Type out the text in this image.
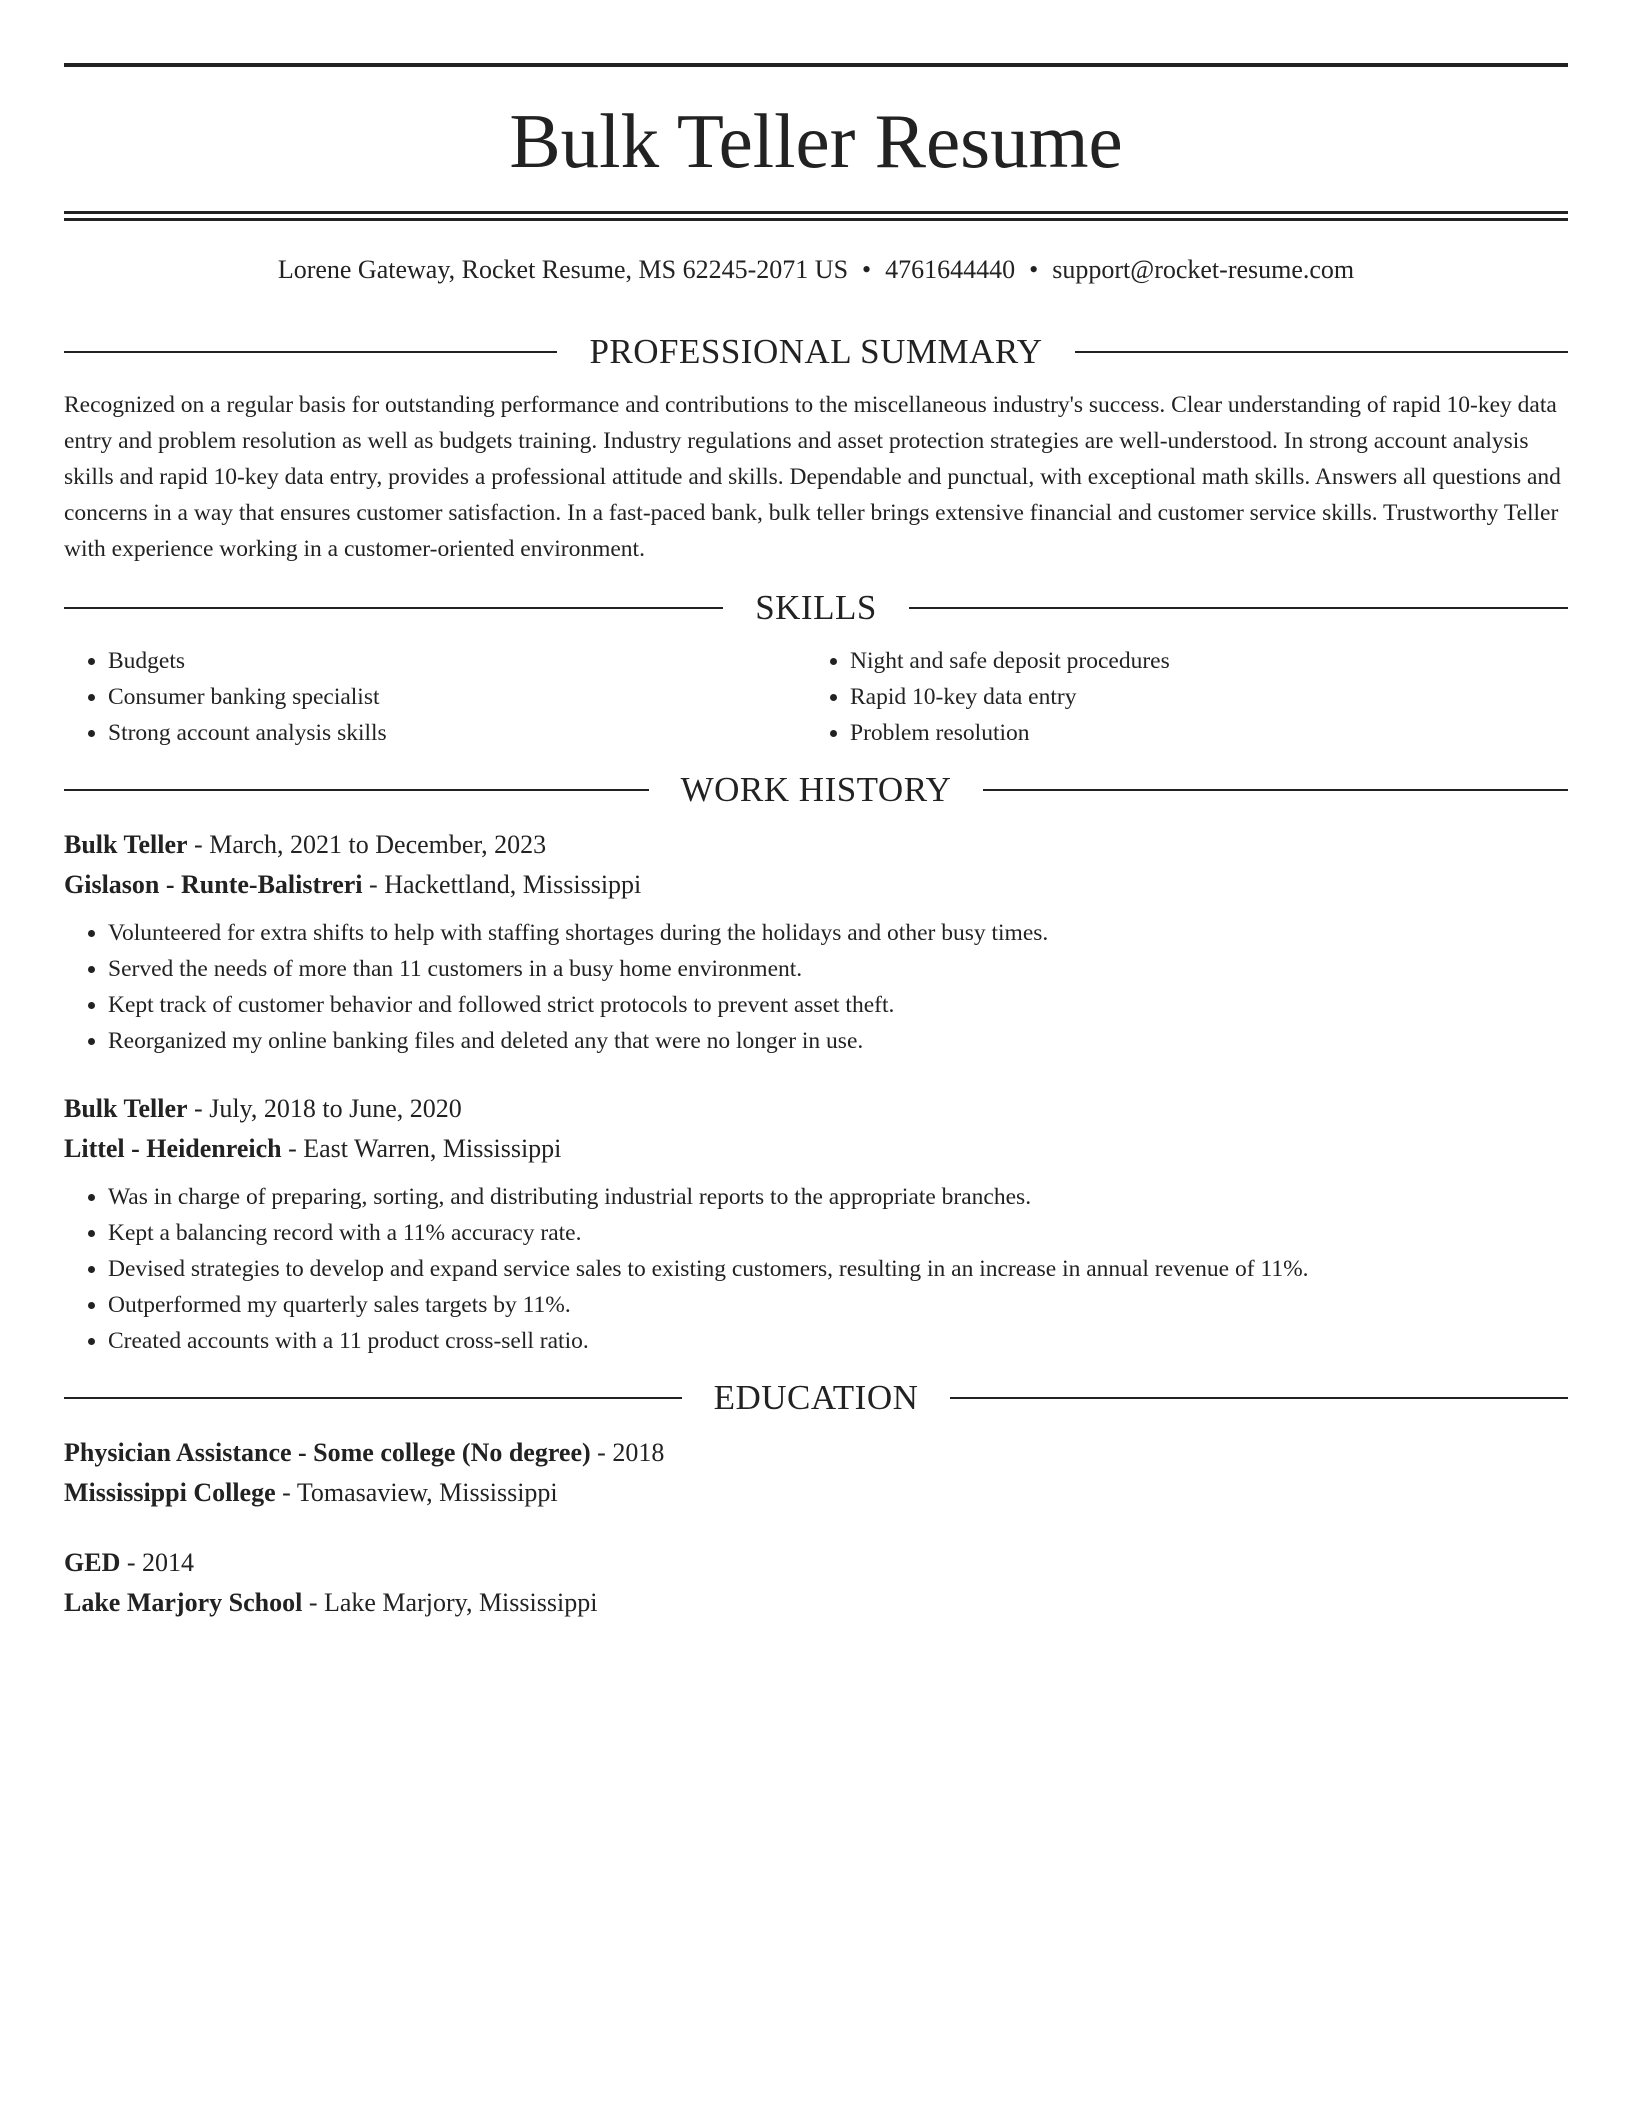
Bulk Teller Resume
Lorene Gateway, Rocket Resume, MS 62245-2071 US • 4761644440 • support@rocket-resume.com
PROFESSIONAL SUMMARY

Recognized on a regular basis for outstanding performance and contributions to the miscellaneous industry's success. Clear understanding of rapid 10-key data entry and problem resolution as well as budgets training. Industry regulations and asset protection strategies are well-understood. In strong account analysis skills and rapid 10-key data entry, provides a professional attitude and skills. Dependable and punctual, with exceptional math skills. Answers all questions and concerns in a way that ensures customer satisfaction. In a fast-paced bank, bulk teller brings extensive financial and customer service skills. Trustworthy Teller with experience working in a customer-oriented environment.

SKILLS
• Budgets
• Consumer banking specialist
• Strong account analysis skills
• Night and safe deposit procedures
• Rapid 10-key data entry
• Problem resolution
WORK HISTORY

Bulk Teller - March, 2021 to December, 2023

Gislason - Runte-Balistreri - Hackettland, Mississippi

• Volunteered for extra shifts to help with staffing shortages during the holidays and other busy times.
• Served the needs of more than 11 customers in a busy home environment.
• Kept track of customer behavior and followed strict protocols to prevent asset theft.
• Reorganized my online banking files and deleted any that were no longer in use.

Bulk Teller - July, 2018 to June, 2020

Littel - Heidenreich - East Warren, Mississippi

• Was in charge of preparing, sorting, and distributing industrial reports to the appropriate branches.
• Kept a balancing record with a 11% accuracy rate.
• Devised strategies to develop and expand service sales to existing customers, resulting in an increase in annual revenue of 11%.
• Outperformed my quarterly sales targets by 11%.
• Created accounts with a 11 product cross-sell ratio.
EDUCATION

Physician Assistance - Some college (No degree) - 2018

Mississippi College - Tomasaview, Mississippi

GED - 2014

Lake Marjory School - Lake Marjory, Mississippi
